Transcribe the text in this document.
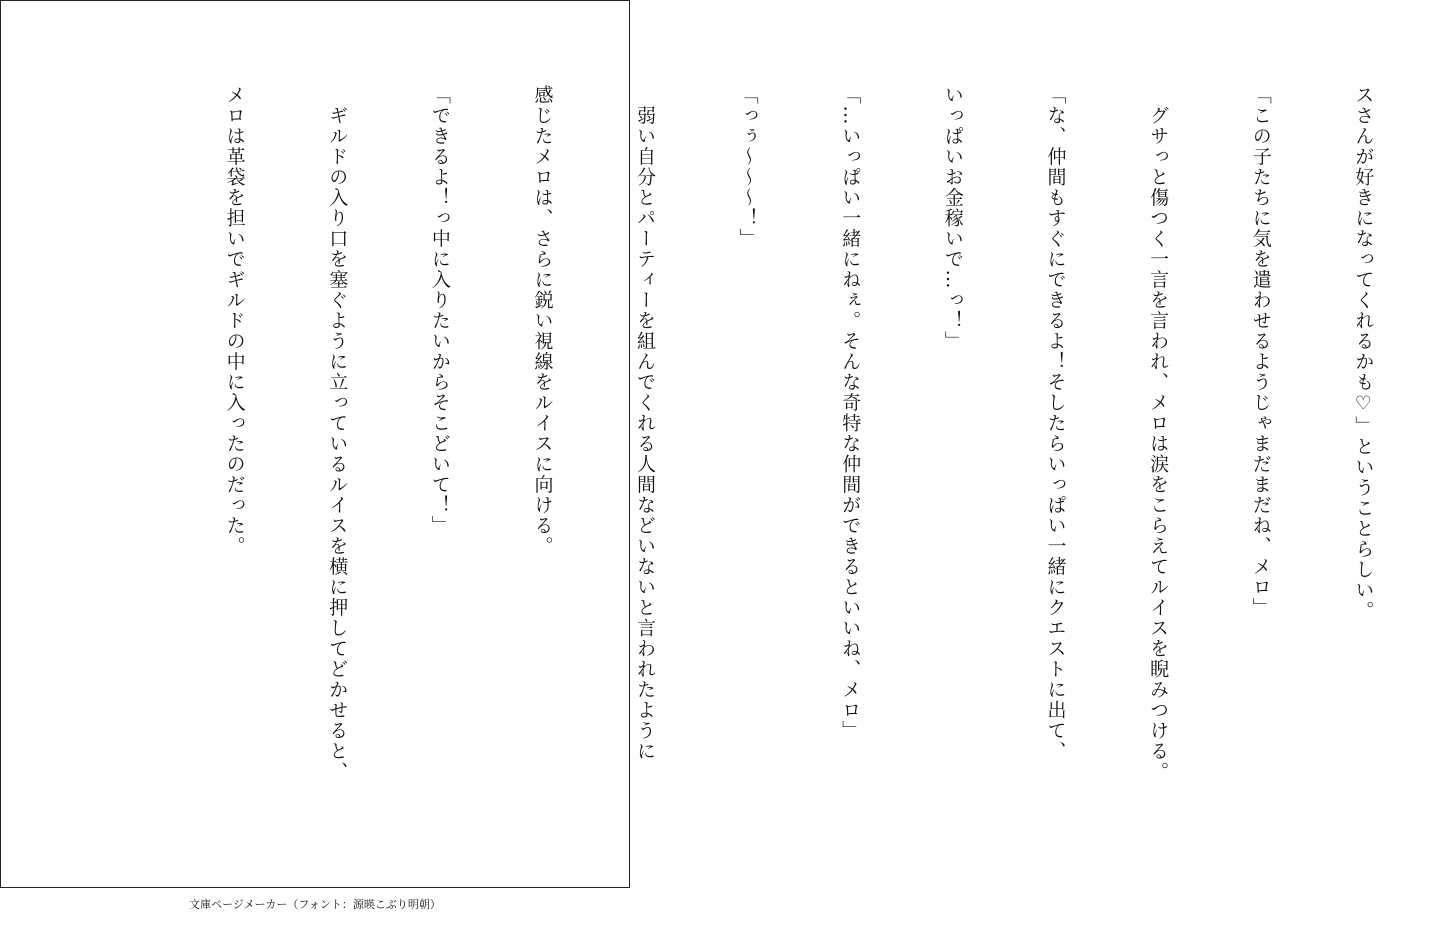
スさんが好きになってくれるかも♡」ということらしい。

「この子たちに気を遣わせるようじゃまだまだね、メロ」

　グサっと傷つく一言を言われ、メロは涙をこらえてルイスを睨みつける。

「な、仲間もすぐにできるよ！そしたらいっぱい一緒にクエストに出て、

いっぱいお金稼いで…っ！」

「…いっぱい一緒にねぇ。そんな奇特な仲間ができるといいね、メロ」

「っぅ〜〜〜！」

　弱い自分とパーティーを組んでくれる人間などいないと言われたように

感じたメロは、さらに鋭い視線をルイスに向ける。

「できるよ！っ中に入りたいからそこどいて！」

　ギルドの入り口を塞ぐように立っているルイスを横に押してどかせると、

メロは革袋を担いでギルドの中に入ったのだった。

文庫ページメーカー（フォント：源暎こぶり明朝）
